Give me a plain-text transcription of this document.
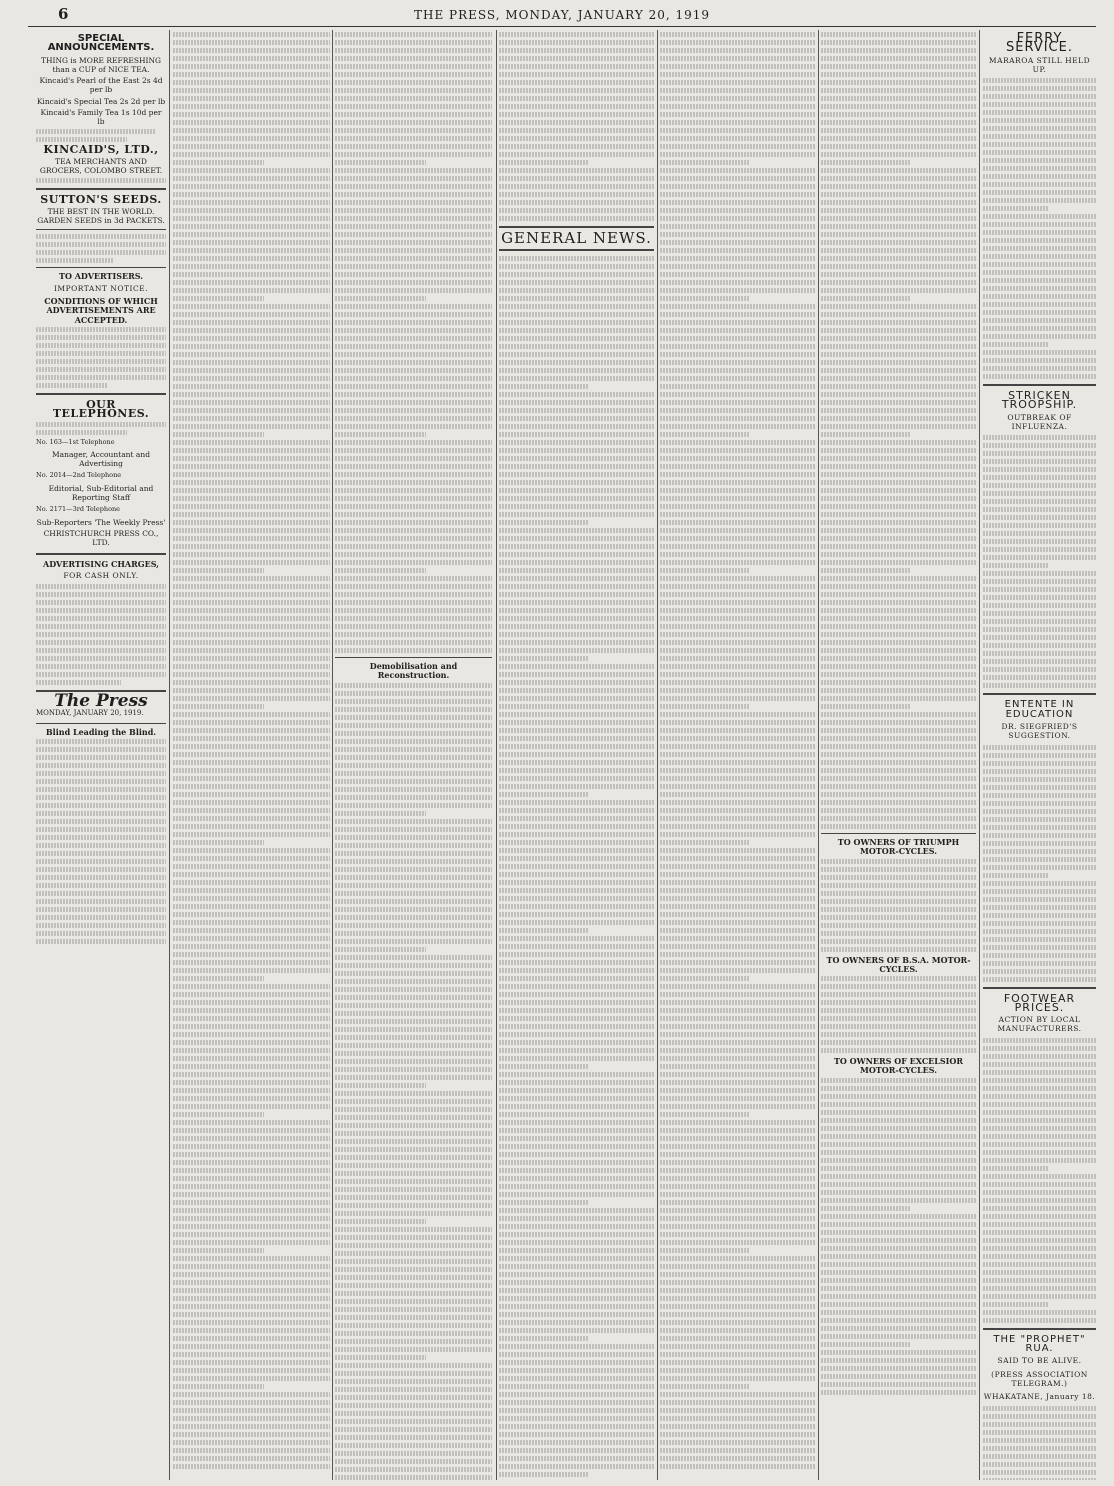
6	THE PRESS, MONDAY, JANUARY 20, 1919
SPECIAL ANNOUNCEMENTS.
THING is MORE REFRESHING than a CUP of NICE TEA.
Kincaid's Pearl of the East 2s 4d per lb
Kincaid's Special Tea 2s 2d per lb
Kincaid's Family Tea 1s 10d per lb
KINCAID'S, LTD.,
TEA MERCHANTS AND GROCERS, COLOMBO STREET.
SUTTON'S SEEDS.
THE BEST IN THE WORLD. GARDEN SEEDS in 3d PACKETS.
TO ADVERTISERS.
IMPORTANT NOTICE.
CONDITIONS OF WHICH ADVERTISEMENTS ARE ACCEPTED.
OUR TELEPHONES.
No. 163—1st Telephone
Manager, Accountant and Advertising
No. 2014—2nd Telephone
Editorial, Sub-Editorial and Reporting Staff
No. 2171—3rd Telephone
Sub-Reporters 'The Weekly Press'
CHRISTCHURCH PRESS CO., LTD.
ADVERTISING CHARGES,
FOR CASH ONLY.
The Press
MONDAY, JANUARY 20, 1919.
Blind Leading the Blind.
Demobilisation and Reconstruction.
GENERAL NEWS.
TO OWNERS OF TRIUMPH MOTOR-CYCLES.
TO OWNERS OF B.S.A. MOTOR-CYCLES.
TO OWNERS OF EXCELSIOR MOTOR-CYCLES.
FERRY SERVICE.
MARAROA STILL HELD UP.
STRICKEN TROOPSHIP.
OUTBREAK OF INFLUENZA.
ENTENTE IN EDUCATION
DR. SIEGFRIED'S SUGGESTION.
FOOTWEAR PRICES.
ACTION BY LOCAL MANUFACTURERS.
THE "PROPHET" RUA.
SAID TO BE ALIVE.
(PRESS ASSOCIATION TELEGRAM.)
WHAKATANE, January 18.
